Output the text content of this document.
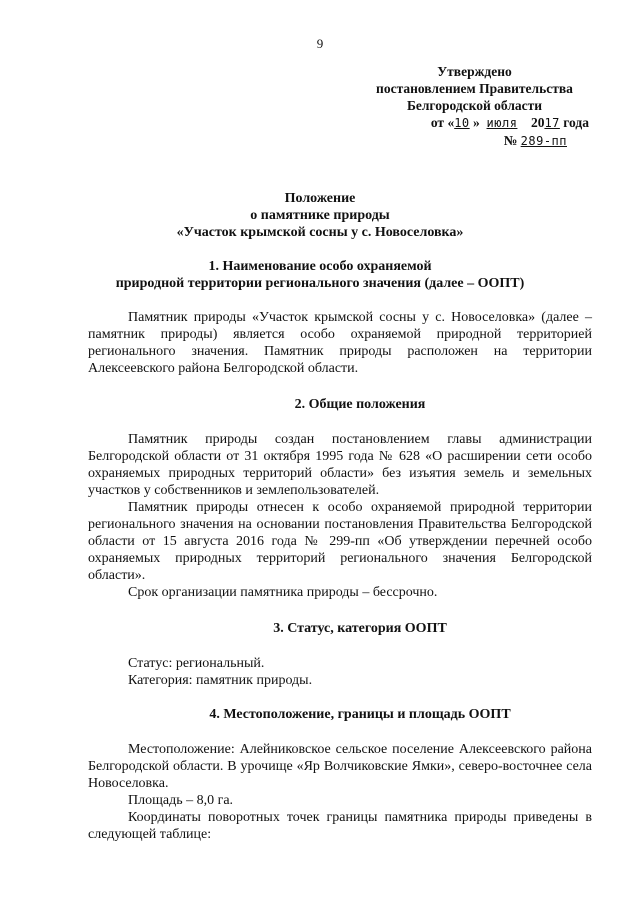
9
Утверждено
постановлением Правительства
Белгородской области
от «10 » июля 2017 года
№ 289-пп
Положение
о памятнике природы
«Участок крымской сосны у с. Новоселовка»
1. Наименование особо охраняемой
природной территории регионального значения (далее – ООПТ)

Памятник природы «Участок крымской сосны у с. Новоселовка» (далее – памятник природы) является особо охраняемой природной территорией регионального значения. Памятник природы расположен на территории Алексеевского района Белгородской области.

2. Общие положения

Памятник природы создан постановлением главы администрации Белгородской области от 31 октября 1995 года № 628 «О расширении сети особо охраняемых природных территорий области» без изъятия земель и земельных участков у собственников и землепользователей.

Памятник природы отнесен к особо охраняемой природной территории регионального значения на основании постановления Правительства Белгородской области от 15 августа 2016 года № 299-пп «Об утверждении перечней особо охраняемых природных территорий регионального значения Белгородской области».

Срок организации памятника природы – бессрочно.

3. Статус, категория ООПТ

Статус: региональный.

Категория: памятник природы.

4. Местоположение, границы и площадь ООПТ

Местоположение: Алейниковское сельское поселение Алексеевского района Белгородской области. В урочище «Яр Волчиковские Ямки», северо-восточнее села Новоселовка.

Площадь – 8,0 га.

Координаты поворотных точек границы памятника природы приведены в следующей таблице:
